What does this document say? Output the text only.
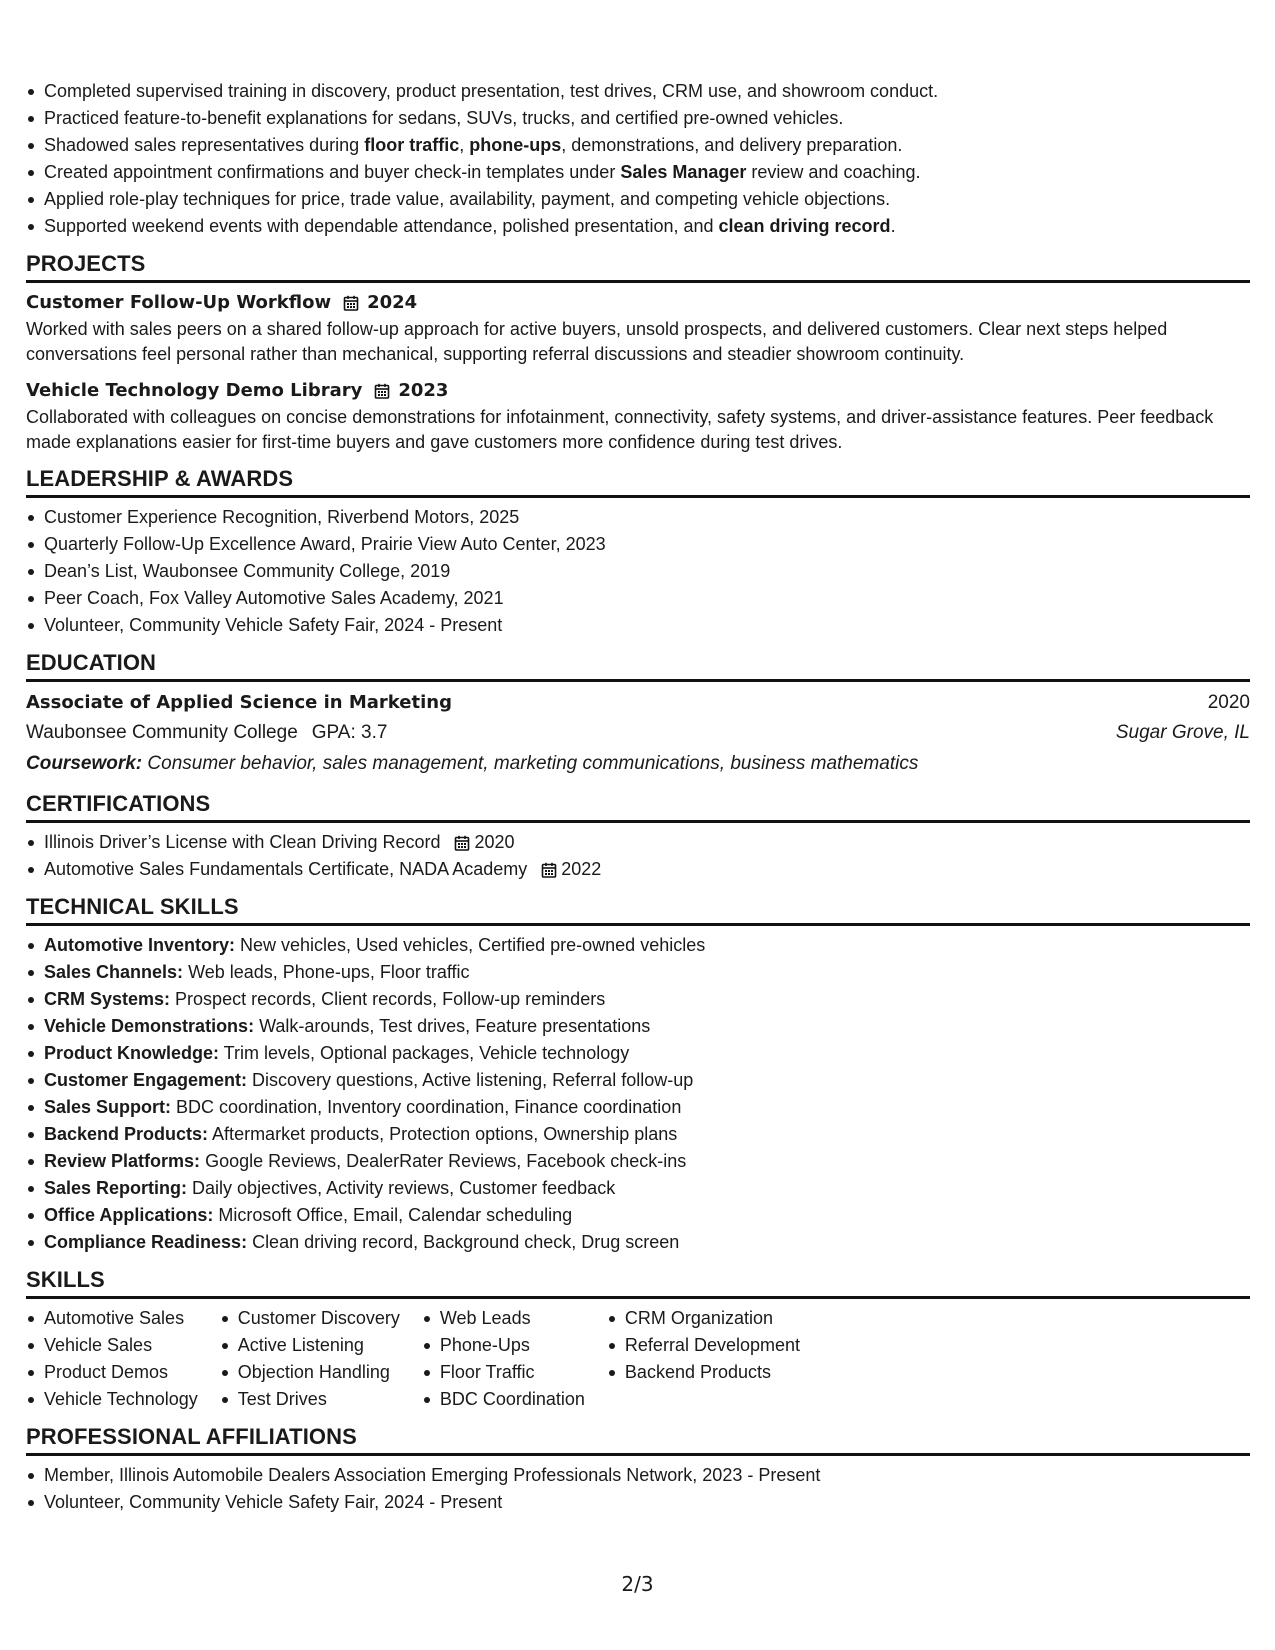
Completed supervised training in discovery, product presentation, test drives, CRM use, and showroom conduct.
Practiced feature-to-benefit explanations for sedans, SUVs, trucks, and certified pre-owned vehicles.
Shadowed sales representatives during floor traffic, phone-ups, demonstrations, and delivery preparation.
Created appointment confirmations and buyer check-in templates under Sales Manager review and coaching.
Applied role-play techniques for price, trade value, availability, payment, and competing vehicle objections.
Supported weekend events with dependable attendance, polished presentation, and clean driving record.
PROJECTS
Customer Follow-Up Workflow 2024
Worked with sales peers on a shared follow-up approach for active buyers, unsold prospects, and delivered customers. Clear next steps helped conversations feel personal rather than mechanical, supporting referral discussions and steadier showroom continuity.
Vehicle Technology Demo Library 2023
Collaborated with colleagues on concise demonstrations for infotainment, connectivity, safety systems, and driver-assistance features. Peer feedback made explanations easier for first-time buyers and gave customers more confidence during test drives.
LEADERSHIP & AWARDS
Customer Experience Recognition, Riverbend Motors, 2025
Quarterly Follow-Up Excellence Award, Prairie View Auto Center, 2023
Dean’s List, Waubonsee Community College, 2019
Peer Coach, Fox Valley Automotive Sales Academy, 2021
Volunteer, Community Vehicle Safety Fair, 2024 - Present
EDUCATION
Associate of Applied Science in Marketing	2020
Waubonsee Community College GPA: 3.7	Sugar Grove, IL
Coursework: Consumer behavior, sales management, marketing communications, business mathematics
CERTIFICATIONS
Illinois Driver’s License with Clean Driving Record 2020
Automotive Sales Fundamentals Certificate, NADA Academy 2022
TECHNICAL SKILLS
Automotive Inventory: New vehicles, Used vehicles, Certified pre-owned vehicles
Sales Channels: Web leads, Phone-ups, Floor traffic
CRM Systems: Prospect records, Client records, Follow-up reminders
Vehicle Demonstrations: Walk-arounds, Test drives, Feature presentations
Product Knowledge: Trim levels, Optional packages, Vehicle technology
Customer Engagement: Discovery questions, Active listening, Referral follow-up
Sales Support: BDC coordination, Inventory coordination, Finance coordination
Backend Products: Aftermarket products, Protection options, Ownership plans
Review Platforms: Google Reviews, DealerRater Reviews, Facebook check-ins
Sales Reporting: Daily objectives, Activity reviews, Customer feedback
Office Applications: Microsoft Office, Email, Calendar scheduling
Compliance Readiness: Clean driving record, Background check, Drug screen
SKILLS
Automotive Sales
Vehicle Sales
Product Demos
Vehicle Technology
Customer Discovery
Active Listening
Objection Handling
Test Drives
Web Leads
Phone-Ups
Floor Traffic
BDC Coordination
CRM Organization
Referral Development
Backend Products
PROFESSIONAL AFFILIATIONS
Member, Illinois Automobile Dealers Association Emerging Professionals Network, 2023 - Present
Volunteer, Community Vehicle Safety Fair, 2024 - Present
2/3
